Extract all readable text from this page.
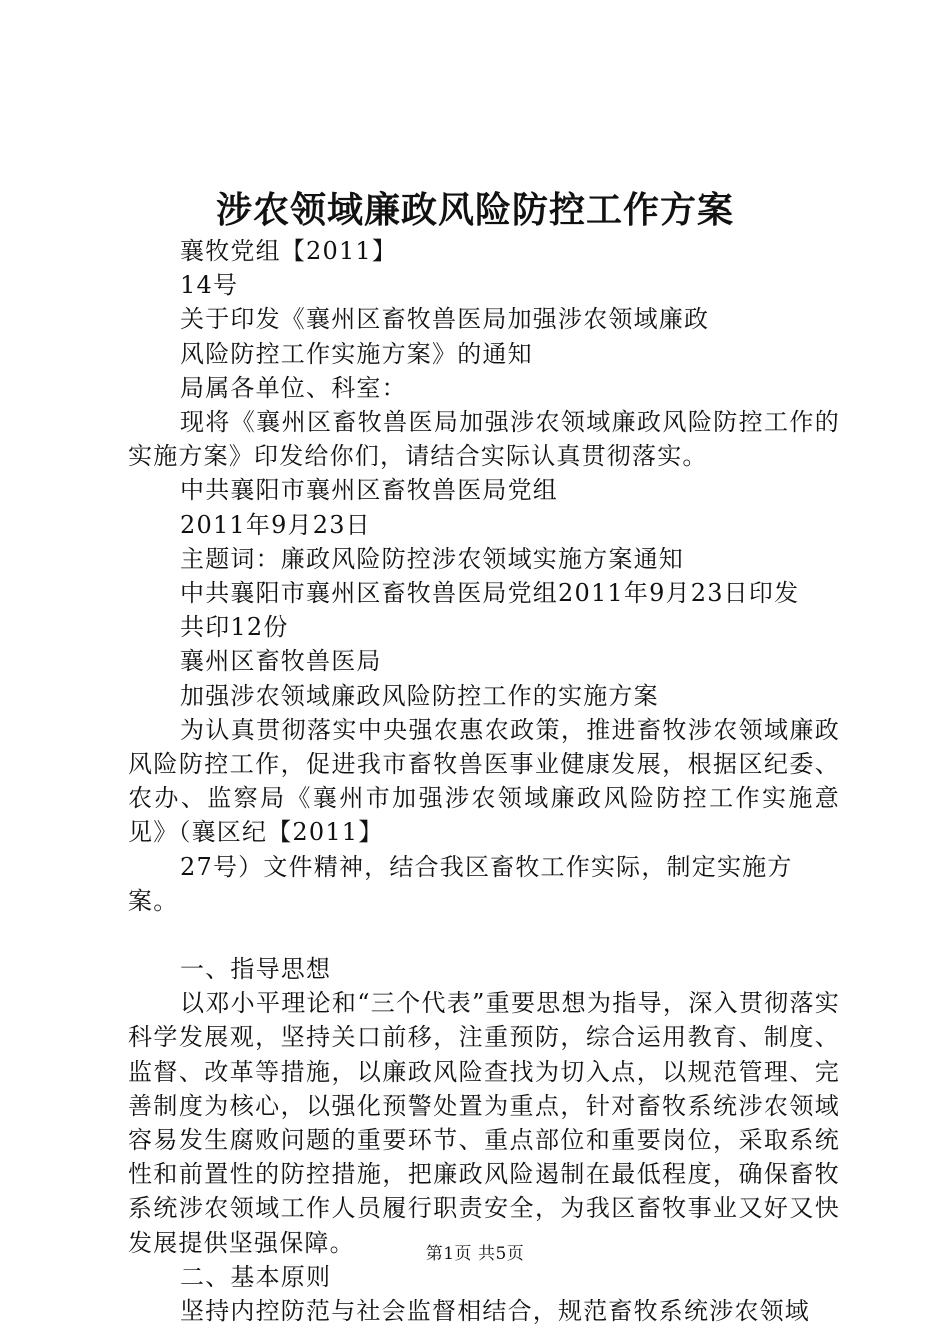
涉农领域廉政风险防控工作方案

襄牧党组【2011】

14号

关于印发《襄州区畜牧兽医局加强涉农领域廉政

风险防控工作实施方案》的通知

局属各单位、科室：

现将《襄州区畜牧兽医局加强涉农领域廉政风险防控工作的实施方案》印发给你们，请结合实际认真贯彻落实。

中共襄阳市襄州区畜牧兽医局党组

2011年9月23日

主题词：廉政风险防控涉农领域实施方案通知

中共襄阳市襄州区畜牧兽医局党组2011年9月23日印发

共印12份

襄州区畜牧兽医局

加强涉农领域廉政风险防控工作的实施方案

为认真贯彻落实中央强农惠农政策，推进畜牧涉农领域廉政风险防控工作，促进我市畜牧兽医事业健康发展，根据区纪委、农办、监察局《襄州市加强涉农领域廉政风险防控工作实施意见》（襄区纪【2011】

27号）文件精神，结合我区畜牧工作实际，制定实施方案。

一、指导思想

以邓小平理论和“三个代表”重要思想为指导，深入贯彻落实科学发展观，坚持关口前移，注重预防，综合运用教育、制度、监督、改革等措施，以廉政风险查找为切入点，以规范管理、完善制度为核心，以强化预警处置为重点，针对畜牧系统涉农领域容易发生腐败问题的重要环节、重点部位和重要岗位，采取系统性和前置性的防控措施，把廉政风险遏制在最低程度，确保畜牧系统涉农领域工作人员履行职责安全，为我区畜牧事业又好又快发展提供坚强保障。

二、基本原则

坚持内控防范与社会监督相结合，规范畜牧系统涉农领域

第1页 共5页
